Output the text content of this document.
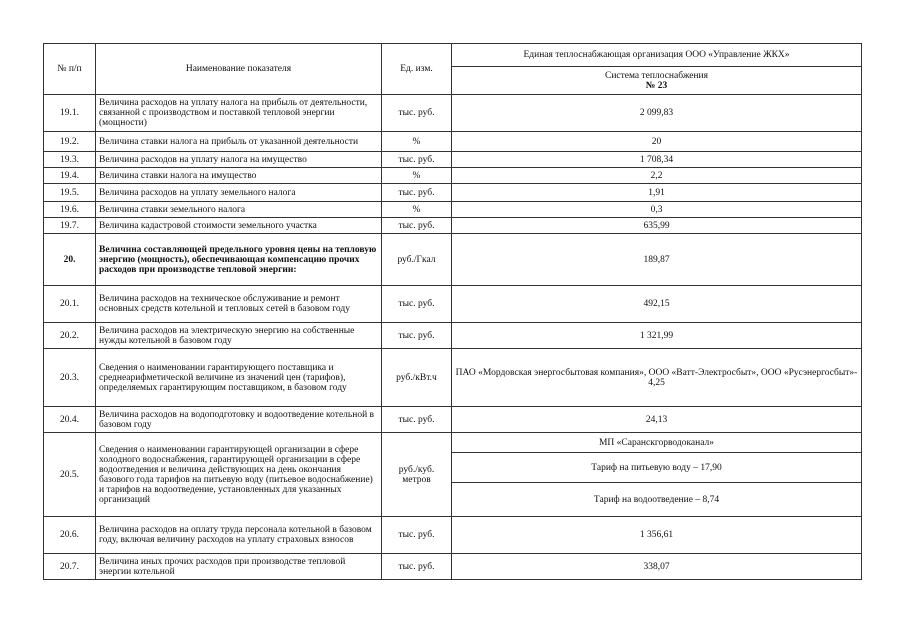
№ п/п	Наименование показателя	Ед. изм.	Единая теплоснабжающая организация ООО «Управление ЖКХ»

			Система теплоснабжения
№ 23

19.1.	Величина расходов на уплату налога на прибыль от деятельности, связанной с производством и поставкой тепловой энергии (мощности)	тыс. руб.	2 099,83
19.2.	Величина ставки налога на прибыль от указанной деятельности	%	20
19.3.	Величина расходов на уплату налога на имущество	тыс. руб.	1 708,34
19.4.	Величина ставки налога на имущество	%	2,2
19.5.	Величина расходов на уплату земельного налога	тыс. руб.	1,91
19.6.	Величина ставки земельного налога	%	0,3
19.7.	Величина кадастровой стоимости земельного участка	тыс. руб.	635,99
20.	Величина составляющей предельного уровня цены на тепловую энергию (мощность), обеспечивающая компенсацию прочих расходов при производстве тепловой энергии:	руб./Гкал	189,87
20.1.	Величина расходов на техническое обслуживание и ремонт основных средств котельной и тепловых сетей в базовом году	тыс. руб.	492,15
20.2.	Величина расходов на электрическую энергию на собственные нужды котельной в базовом году	тыс. руб.	1 321,99
20.3.	Сведения о наименовании гарантирующего поставщика и среднеарифметической величине из значений цен (тарифов), определяемых гарантирующим поставщиком, в базовом году	руб./кВт.ч	ПАО «Мордовская энергосбытовая компания», ООО «Ватт-Электросбыт», ООО «Русэнергосбыт»- 4,25
20.4.	Величина расходов на водоподготовку и водоотведение котельной в базовом году	тыс. руб.	24,13
20.5.	Сведения о наименовании гарантирующей организации в сфере холодного водоснабжения, гарантирующей организации в сфере водоотведения и величина действующих на день окончания базового года тарифов на питьевую воду (питьевое водоснабжение) и тарифов на водоотведение, установленных для указанных организаций	руб./куб. метров	МП «Саранскгорводоканал»
			Тариф на питьевую воду – 17,90
			Тариф на водоотведение – 8,74
20.6.	Величина расходов на оплату труда персонала котельной в базовом году, включая величину расходов на уплату страховых взносов	тыс. руб.	1 356,61
20.7.	Величина иных прочих расходов при производстве тепловой энергии котельной	тыс. руб.	338,07
